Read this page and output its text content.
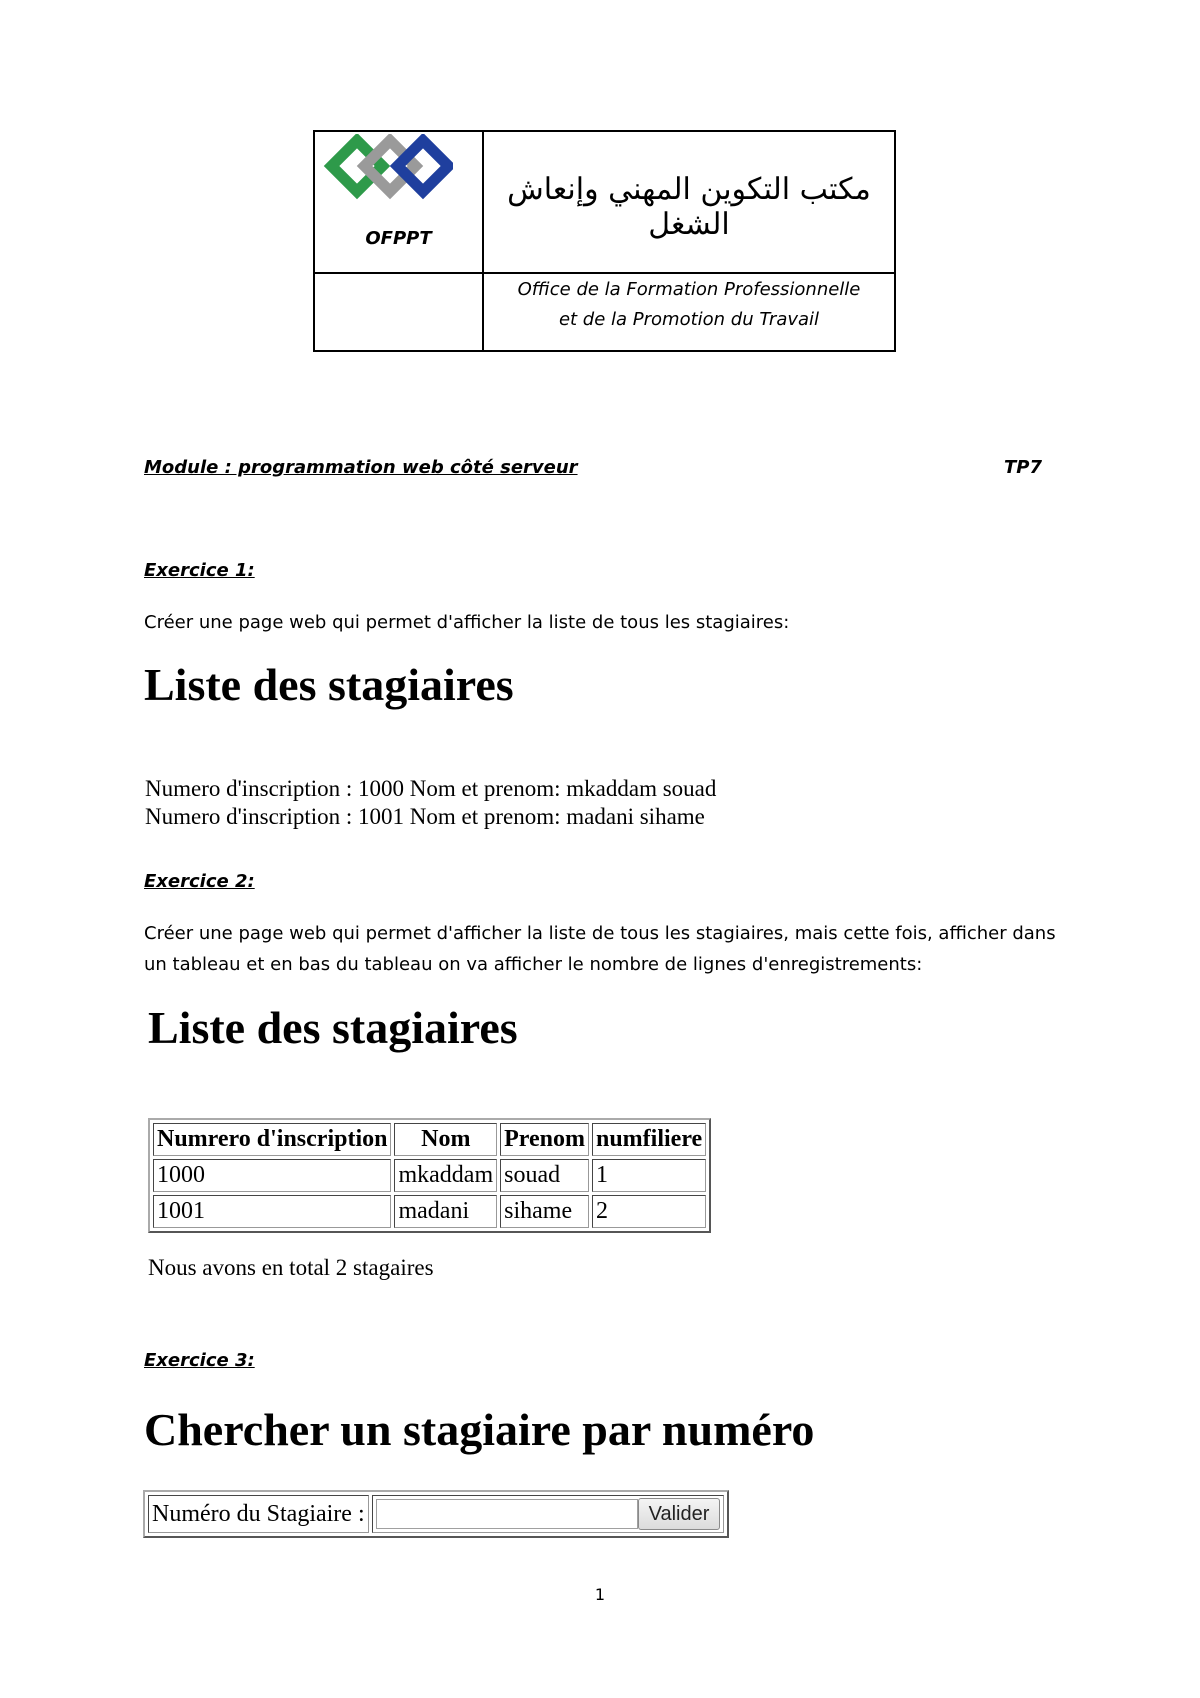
OFPPT
مكتب التكوين المهني وإنعاش الشغل
Office de la Formation Professionnelle
et de la Promotion du Travail
Module : programmation web côté serveur	TP7
Exercice 1:
Créer une page web qui permet d'afficher la liste de tous les stagiaires:
Liste des stagiaires
Numero d'inscription : 1000 Nom et prenom: mkaddam souad
Numero d'inscription : 1001 Nom et prenom: madani sihame
Exercice 2:
Créer une page web qui permet d'afficher la liste de tous les stagiaires, mais cette fois, afficher dans un tableau et en bas du tableau on va afficher le nombre de lignes d'enregistrements:
Liste des stagiaires
Numrero d'inscription	Nom	Prenom	numfiliere
1000	mkaddam	souad	1
1001	madani	sihame	2
Nous avons en total 2 stagaires
Exercice 3:
Chercher un stagiaire par numéro
Numéro du Stagiaire :	Valider
1
